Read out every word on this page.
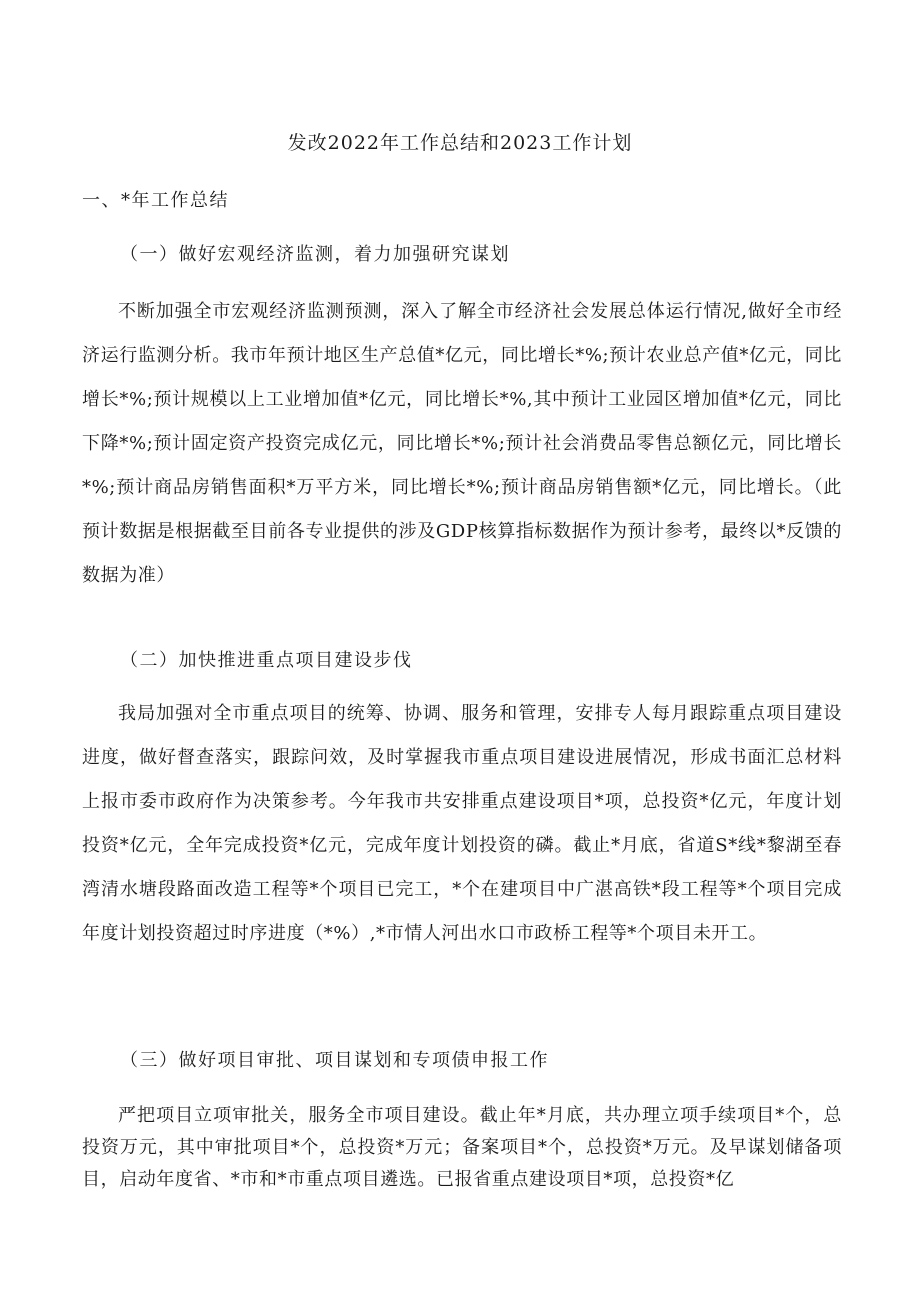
发改2022年工作总结和2023工作计划
一、*年工作总结
（一）做好宏观经济监测，着力加强研究谋划
不断加强全市宏观经济监测预测，深入了解全市经济社会发展总体运行情况,做好全市经济运行监测分析。我市年预计地区生产总值*亿元，同比增长*%;预计农业总产值*亿元，同比增长*%;预计规模以上工业增加值*亿元，同比增长*%,其中预计工业园区增加值*亿元，同比下降*%;预计固定资产投资完成亿元，同比增长*%;预计社会消费品零售总额亿元，同比增长*%;预计商品房销售面积*万平方米，同比增长*%;预计商品房销售额*亿元，同比增长。（此预计数据是根据截至目前各专业提供的涉及GDP核算指标数据作为预计参考，最终以*反馈的数据为准）
（二）加快推进重点项目建设步伐
我局加强对全市重点项目的统筹、协调、服务和管理，安排专人每月跟踪重点项目建设进度，做好督查落实，跟踪问效，及时掌握我市重点项目建设进展情况，形成书面汇总材料上报市委市政府作为决策参考。今年我市共安排重点建设项目*项，总投资*亿元，年度计划投资*亿元，全年完成投资*亿元，完成年度计划投资的磷。截止*月底，省道S*线*黎湖至春湾清水塘段路面改造工程等*个项目已完工，*个在建项目中广湛高铁*段工程等*个项目完成年度计划投资超过时序进度（*%）,*市情人河出水口市政桥工程等*个项目未开工。
（三）做好项目审批、项目谋划和专项债申报工作
严把项目立项审批关，服务全市项目建设。截止年*月底，共办理立项手续项目*个，总投资万元，其中审批项目*个，总投资*万元；备案项目*个，总投资*万元。及早谋划储备项目，启动年度省、*市和*市重点项目遴选。已报省重点建设项目*项，总投资*亿
